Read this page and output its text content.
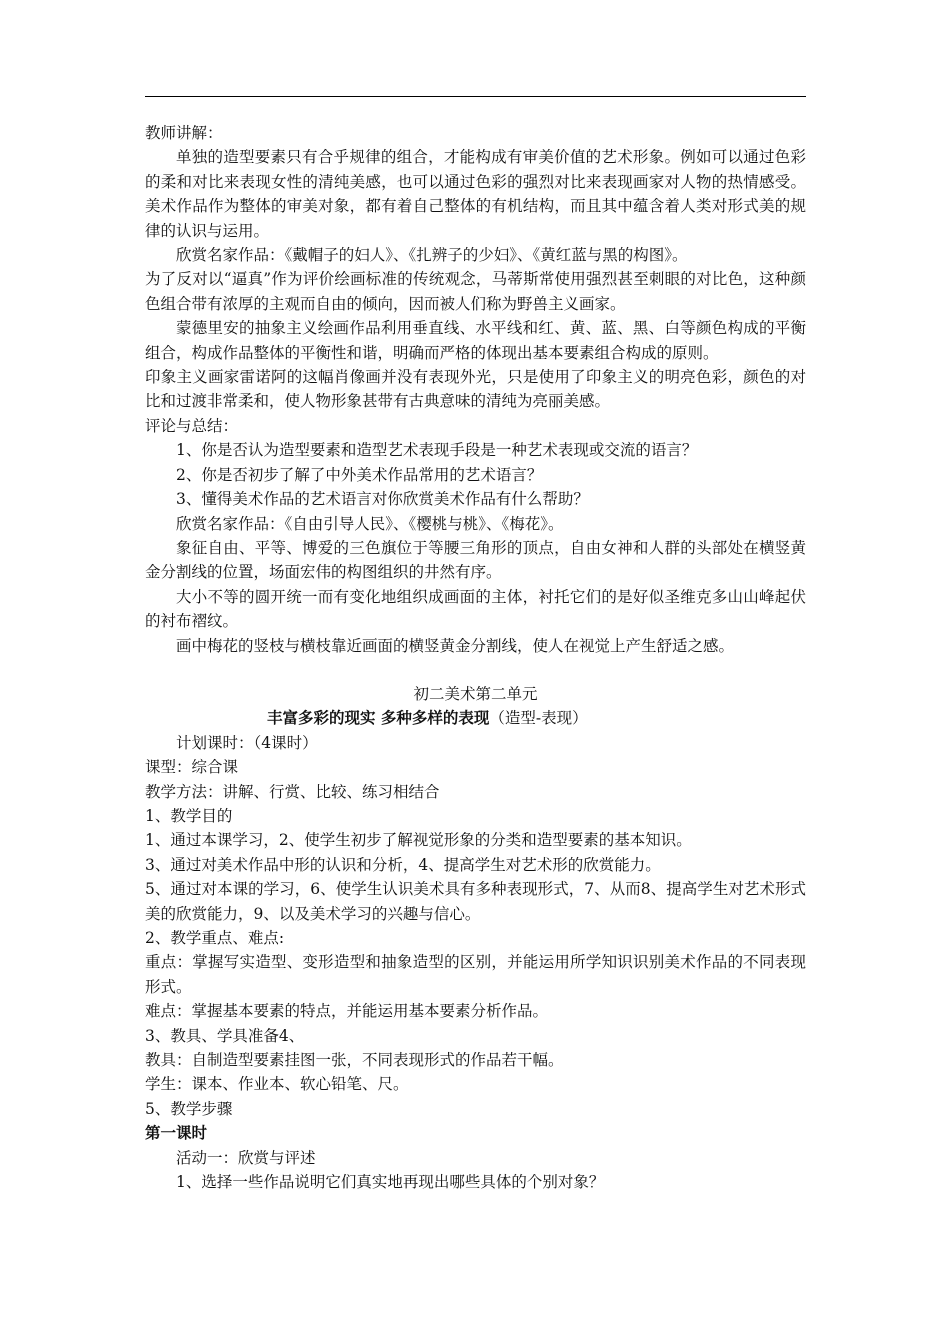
教师讲解：

单独的造型要素只有合乎规律的组合，才能构成有审美价值的艺术形象。例如可以通过色彩的柔和对比来表现女性的清纯美感，也可以通过色彩的强烈对比来表现画家对人物的热情感受。美术作品作为整体的审美对象，都有着自己整体的有机结构，而且其中蕴含着人类对形式美的规律的认识与运用。

欣赏名家作品：《戴帽子的妇人》、《扎辨子的少妇》、《黄红蓝与黑的构图》。

为了反对以“逼真”作为评价绘画标准的传统观念，马蒂斯常使用强烈甚至刺眼的对比色，这种颜色组合带有浓厚的主观而自由的倾向，因而被人们称为野兽主义画家。

蒙德里安的抽象主义绘画作品利用垂直线、水平线和红、黄、蓝、黑、白等颜色构成的平衡组合，构成作品整体的平衡性和谐，明确而严格的体现出基本要素组合构成的原则。

印象主义画家雷诺阿的这幅肖像画并没有表现外光，只是使用了印象主义的明亮色彩，颜色的对比和过渡非常柔和，使人物形象甚带有古典意味的清纯为亮丽美感。

评论与总结：

1、你是否认为造型要素和造型艺术表现手段是一种艺术表现或交流的语言？

2、你是否初步了解了中外美术作品常用的艺术语言？

3、懂得美术作品的艺术语言对你欣赏美术作品有什么帮助？

欣赏名家作品：《自由引导人民》、《樱桃与桃》、《梅花》。

象征自由、平等、博爱的三色旗位于等腰三角形的顶点，自由女神和人群的头部处在横竖黄金分割线的位置，场面宏伟的构图组织的井然有序。

大小不等的圆开统一而有变化地组织成画面的主体，衬托它们的是好似圣维克多山山峰起伏的衬布褶纹。

画中梅花的竖枝与横枝靠近画面的横竖黄金分割线，使人在视觉上产生舒适之感。

初二美术第二单元

丰富多彩的现实 多种多样的表现（造型-表现）

计划课时：（4课时）

课型：综合课

教学方法：讲解、行赏、比较、练习相结合

1、教学目的

1、通过本课学习，2、使学生初步了解视觉形象的分类和造型要素的基本知识。

3、通过对美术作品中形的认识和分析，4、提高学生对艺术形的欣赏能力。

5、通过对本课的学习，6、使学生认识美术具有多种表现形式，7、从而8、提高学生对艺术形式美的欣赏能力，9、以及美术学习的兴趣与信心。

2、教学重点、难点:

重点：掌握写实造型、变形造型和抽象造型的区别，并能运用所学知识识别美术作品的不同表现形式。

难点：掌握基本要素的特点，并能运用基本要素分析作品。

3、教具、学具准备4、

教具：自制造型要素挂图一张，不同表现形式的作品若干幅。

学生：课本、作业本、软心铅笔、尺。

5、教学步骤

第一课时

活动一：欣赏与评述

1、选择一些作品说明它们真实地再现出哪些具体的个别对象？
